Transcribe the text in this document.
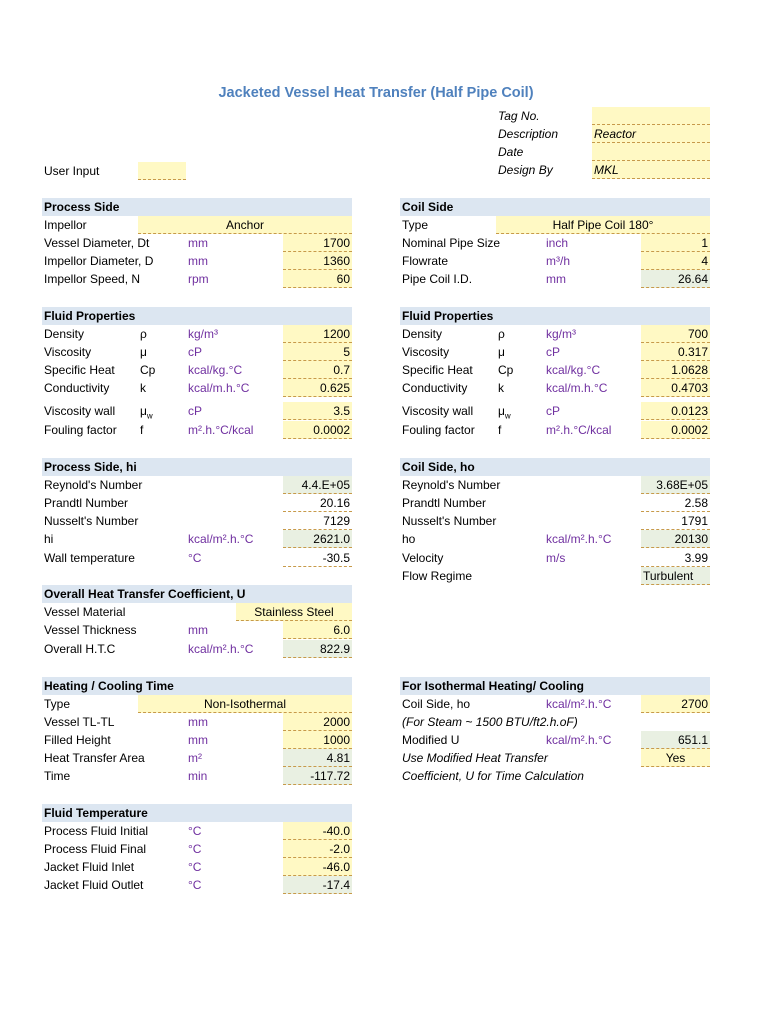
Jacketed Vessel Heat Transfer (Half Pipe Coil)
Tag No.
Description	Reactor
Date
Design By	MKL
User Input
Process Side
Impellor	Anchor
Vessel Diameter, Dt	mm	1700
Impellor Diameter, D	mm	1360
Impellor Speed, N	rpm	60
Coil Side
Type	Half Pipe Coil 180°
Nominal Pipe Size	inch	1
Flowrate	m³/h	4
Pipe Coil I.D.	mm	26.64
Fluid Properties
Density	ρ	kg/m³	1200
Viscosity	μ	cP	5
Specific Heat Cp	kcal/kg.°C	0.7
Conductivity	k	kcal/m.h.°C	0.625
Viscosity wall $\mu_w$	cP	3.5
Fouling factor f	m².h.°C/kcal	0.0002
Fluid Properties
Density	ρ	kg/m³	700
Viscosity	μ	cP	0.317
Specific Heat Cp	kcal/kg.°C	1.0628
Conductivity	k	kcal/m.h.°C	0.4703
Viscosity wall $\mu_w$	cP	0.0123
Fouling factor f	m².h.°C/kcal	0.0002
Process Side, hi
Reynold's Number	4.4.E+05
Prandtl Number	20.16
Nusselt's Number	7129
hi	kcal/m².h.°C	2621.0
Wall temperature	°C	-30.5
Coil Side, ho
Reynold's Number	3.68E+05
Prandtl Number	2.58
Nusselt's Number	1791
ho	kcal/m².h.°C	20130
Velocity	m/s	3.99
Flow Regime	Turbulent
Overall Heat Transfer Coefficient, U
Vessel Material	Stainless Steel
Vessel Thickness	mm	6.0
Overall H.T.C	kcal/m².h.°C	822.9
Heating / Cooling Time
Type	Non-Isothermal
Vessel TL-TL	mm	2000
Filled Height	mm	1000
Heat Transfer Area	m²	4.81
Time	min	-117.72
For Isothermal Heating/ Cooling
Coil Side, ho	kcal/m².h.°C	2700
(For Steam ~ 1500 BTU/ft2.h.oF)
Modified U	kcal/m².h.°C	651.1
Use Modified Heat Transfer	Yes
Coefficient, U for Time Calculation
Fluid Temperature
Process Fluid Initial	°C	-40.0
Process Fluid Final	°C	-2.0
Jacket Fluid Inlet	°C	-46.0
Jacket Fluid Outlet	°C	-17.4
